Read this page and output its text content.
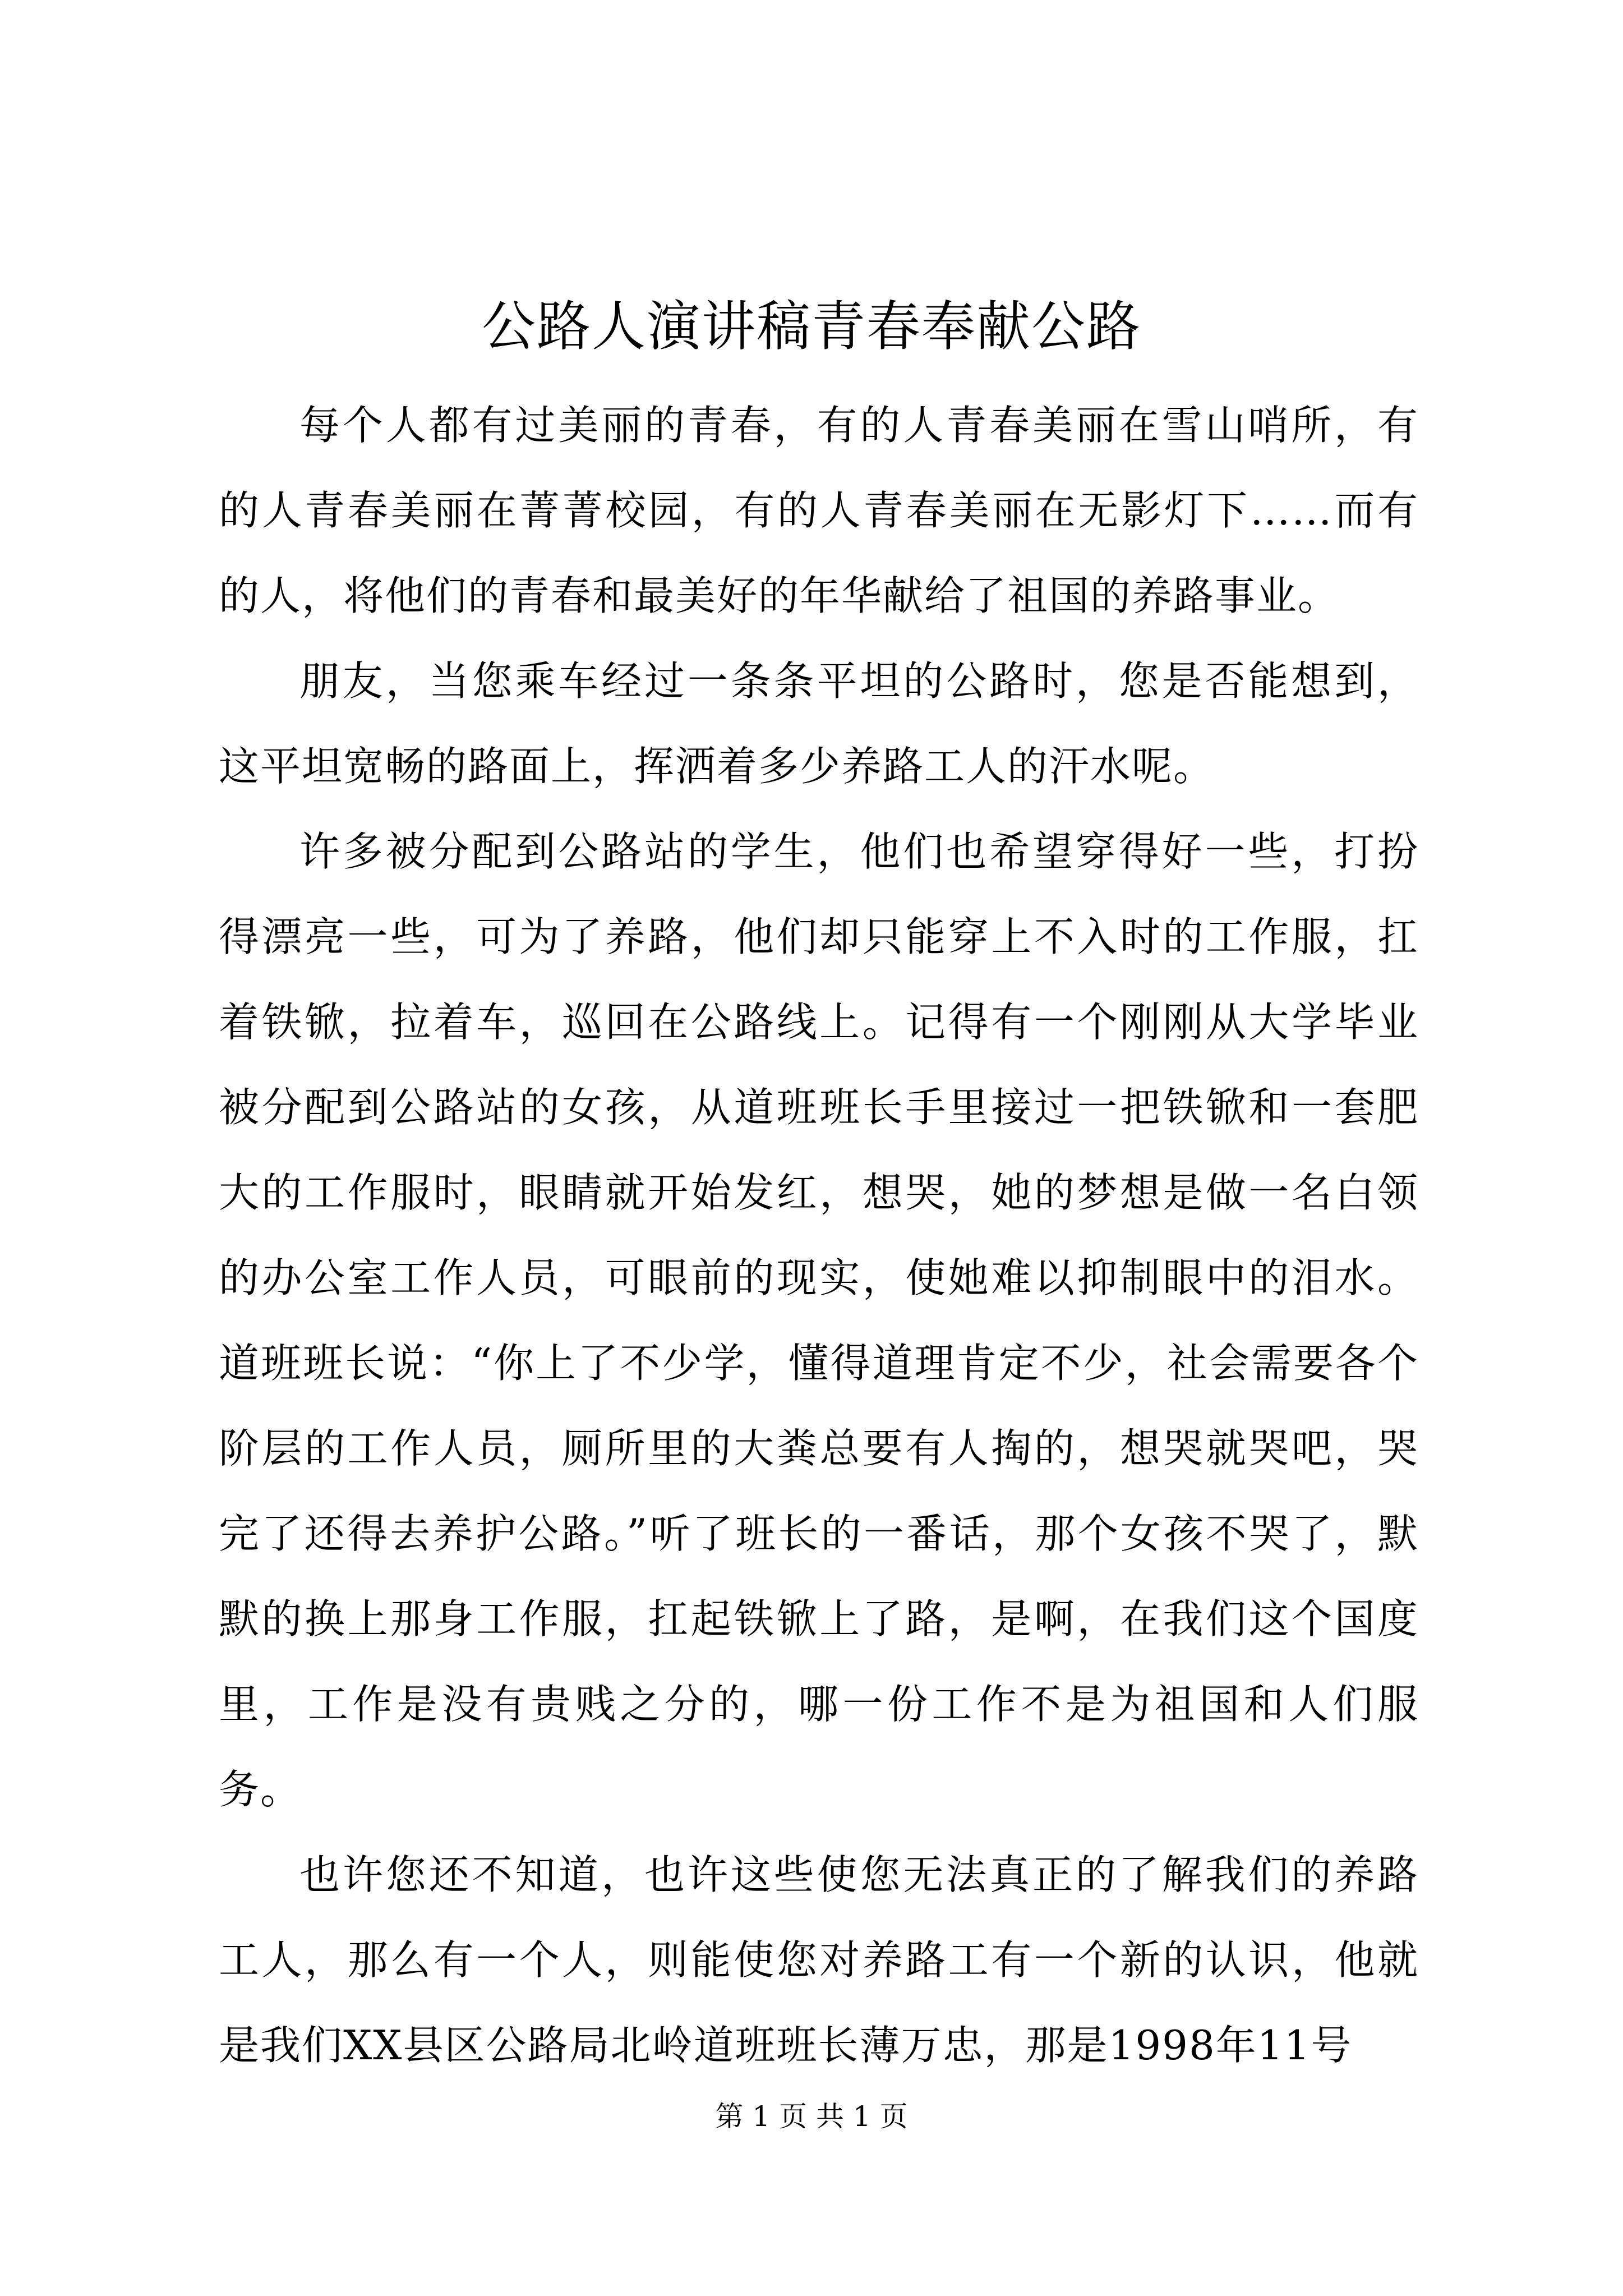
公路人演讲稿青春奉献公路

每个人都有过美丽的青春，有的人青春美丽在雪山哨所，有的人青春美丽在菁菁校园，有的人青春美丽在无影灯下……而有的人，将他们的青春和最美好的年华献给了祖国的养路事业。

朋友，当您乘车经过一条条平坦的公路时，您是否能想到，这平坦宽畅的路面上，挥洒着多少养路工人的汗水呢。

许多被分配到公路站的学生，他们也希望穿得好一些，打扮得漂亮一些，可为了养路，他们却只能穿上不入时的工作服，扛着铁锨，拉着车，巡回在公路线上。记得有一个刚刚从大学毕业被分配到公路站的女孩，从道班班长手里接过一把铁锨和一套肥大的工作服时，眼睛就开始发红，想哭，她的梦想是做一名白领的办公室工作人员，可眼前的现实，使她难以抑制眼中的泪水。道班班长说：“你上了不少学，懂得道理肯定不少，社会需要各个阶层的工作人员，厕所里的大粪总要有人掏的，想哭就哭吧，哭完了还得去养护公路。”听了班长的一番话，那个女孩不哭了，默默的换上那身工作服，扛起铁锨上了路，是啊，在我们这个国度里，工作是没有贵贱之分的，哪一份工作不是为祖国和人们服务。

也许您还不知道，也许这些使您无法真正的了解我们的养路工人，那么有一个人，则能使您对养路工有一个新的认识，他就是我们XX县区公路局北岭道班班长薄万忠，那是1998年11号

第 1 页 共 1 页
